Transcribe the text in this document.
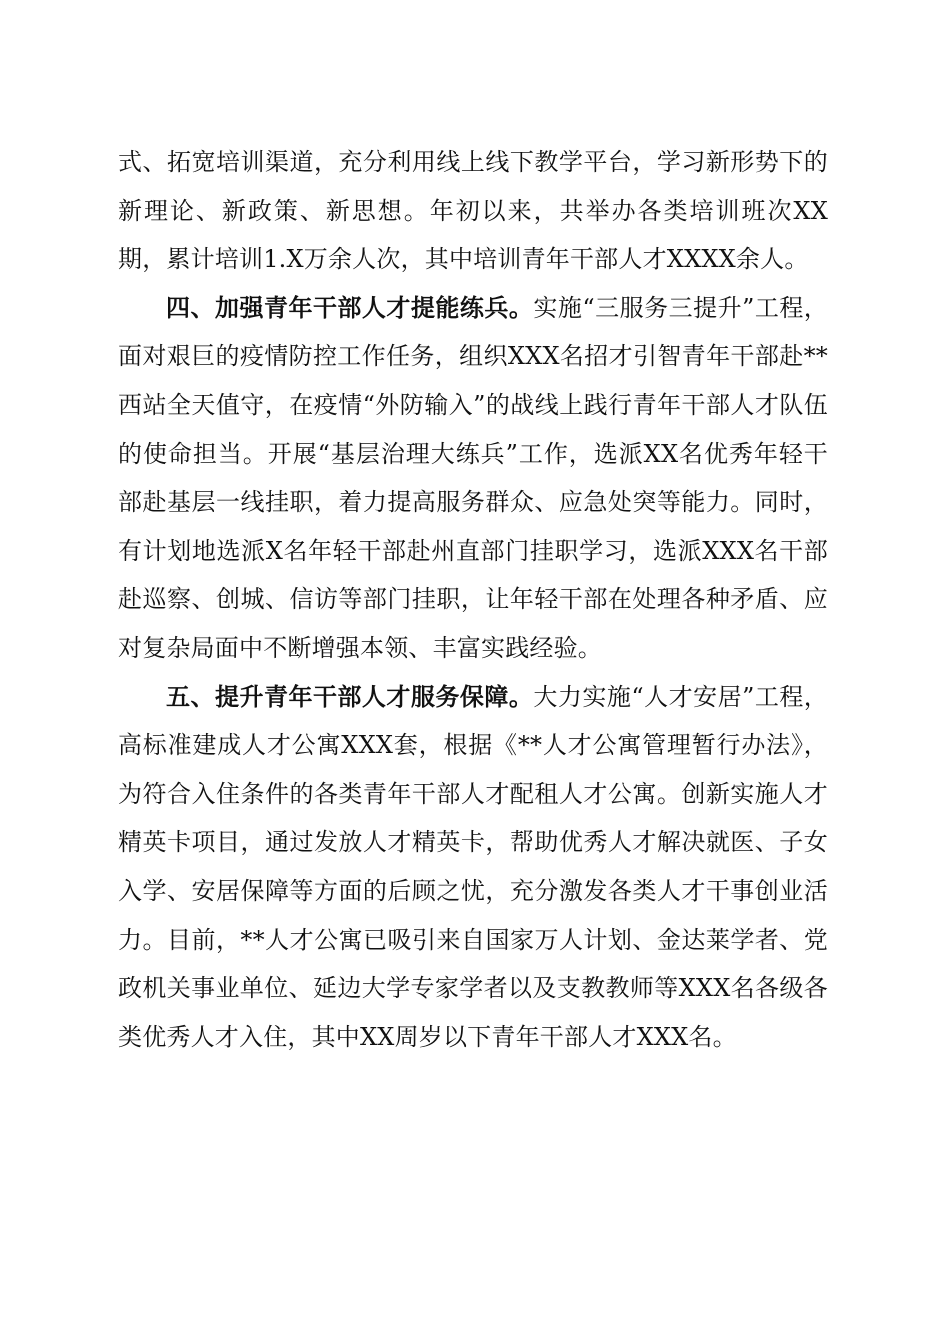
式、拓宽培训渠道，充分利用线上线下教学平台，学习新形势下的新理论、新政策、新思想。年初以来，共举办各类培训班次XX期，累计培训1.X万余人次，其中培训青年干部人才XXXX余人。

四、加强青年干部人才提能练兵。实施“三服务三提升”工程，面对艰巨的疫情防控工作任务，组织XXX名招才引智青年干部赴**西站全天值守，在疫情“外防输入”的战线上践行青年干部人才队伍的使命担当。开展“基层治理大练兵”工作，选派XX名优秀年轻干部赴基层一线挂职，着力提高服务群众、应急处突等能力。同时，有计划地选派X名年轻干部赴州直部门挂职学习，选派XXX名干部赴巡察、创城、信访等部门挂职，让年轻干部在处理各种矛盾、应对复杂局面中不断增强本领、丰富实践经验。

五、提升青年干部人才服务保障。大力实施“人才安居”工程，高标准建成人才公寓XXX套，根据《**人才公寓管理暂行办法》，为符合入住条件的各类青年干部人才配租人才公寓。创新实施人才精英卡项目，通过发放人才精英卡，帮助优秀人才解决就医、子女入学、安居保障等方面的后顾之忧，充分激发各类人才干事创业活力。目前，**人才公寓已吸引来自国家万人计划、金达莱学者、党政机关事业单位、延边大学专家学者以及支教教师等XXX名各级各类优秀人才入住，其中XX周岁以下青年干部人才XXX名。
